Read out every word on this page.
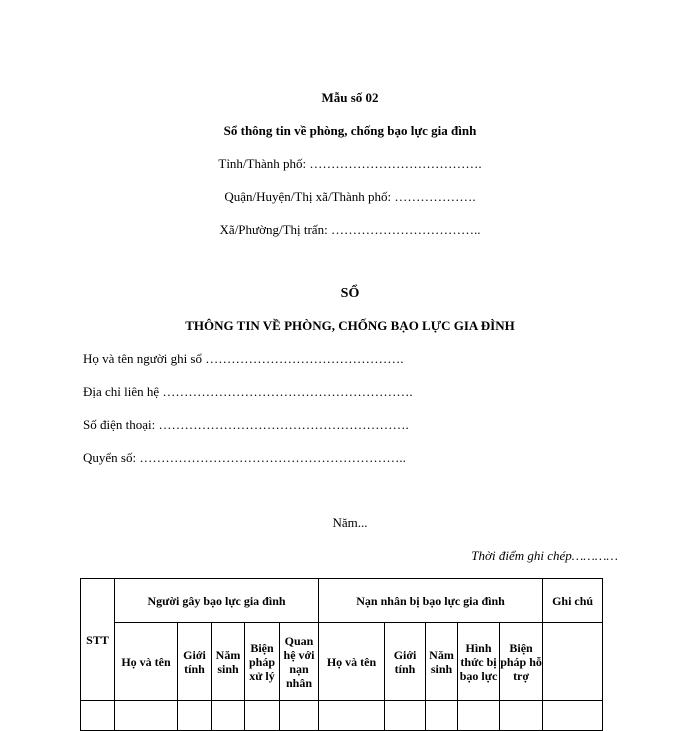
Mẫu số 02
Sổ thông tin về phòng, chống bạo lực gia đình
Tỉnh/Thành phố: ………………………………….
Quận/Huyện/Thị xã/Thành phố: ……………….
Xã/Phường/Thị trấn: ……………………………..
SỔ
THÔNG TIN VỀ PHÒNG, CHỐNG BẠO LỰC GIA ĐÌNH
Họ và tên người ghi sổ ……………………………………….
Địa chỉ liên hệ ………………………………………………….
Số điện thoại: ………………………………………………….
Quyển số: ……………………………………………………..
Năm...
Thời điểm ghi chép…………
STT	Người gây bạo lực gia đình					Nạn nhân bị bạo lực gia đình					Ghi chú
	Họ và tên	Giới tính	Năm sinh	Biện pháp xử lý	Quan hệ với nạn nhân	Họ và tên	Giới tính	Năm sinh	Hình thức bị bạo lực	Biện pháp hỗ trợ	
